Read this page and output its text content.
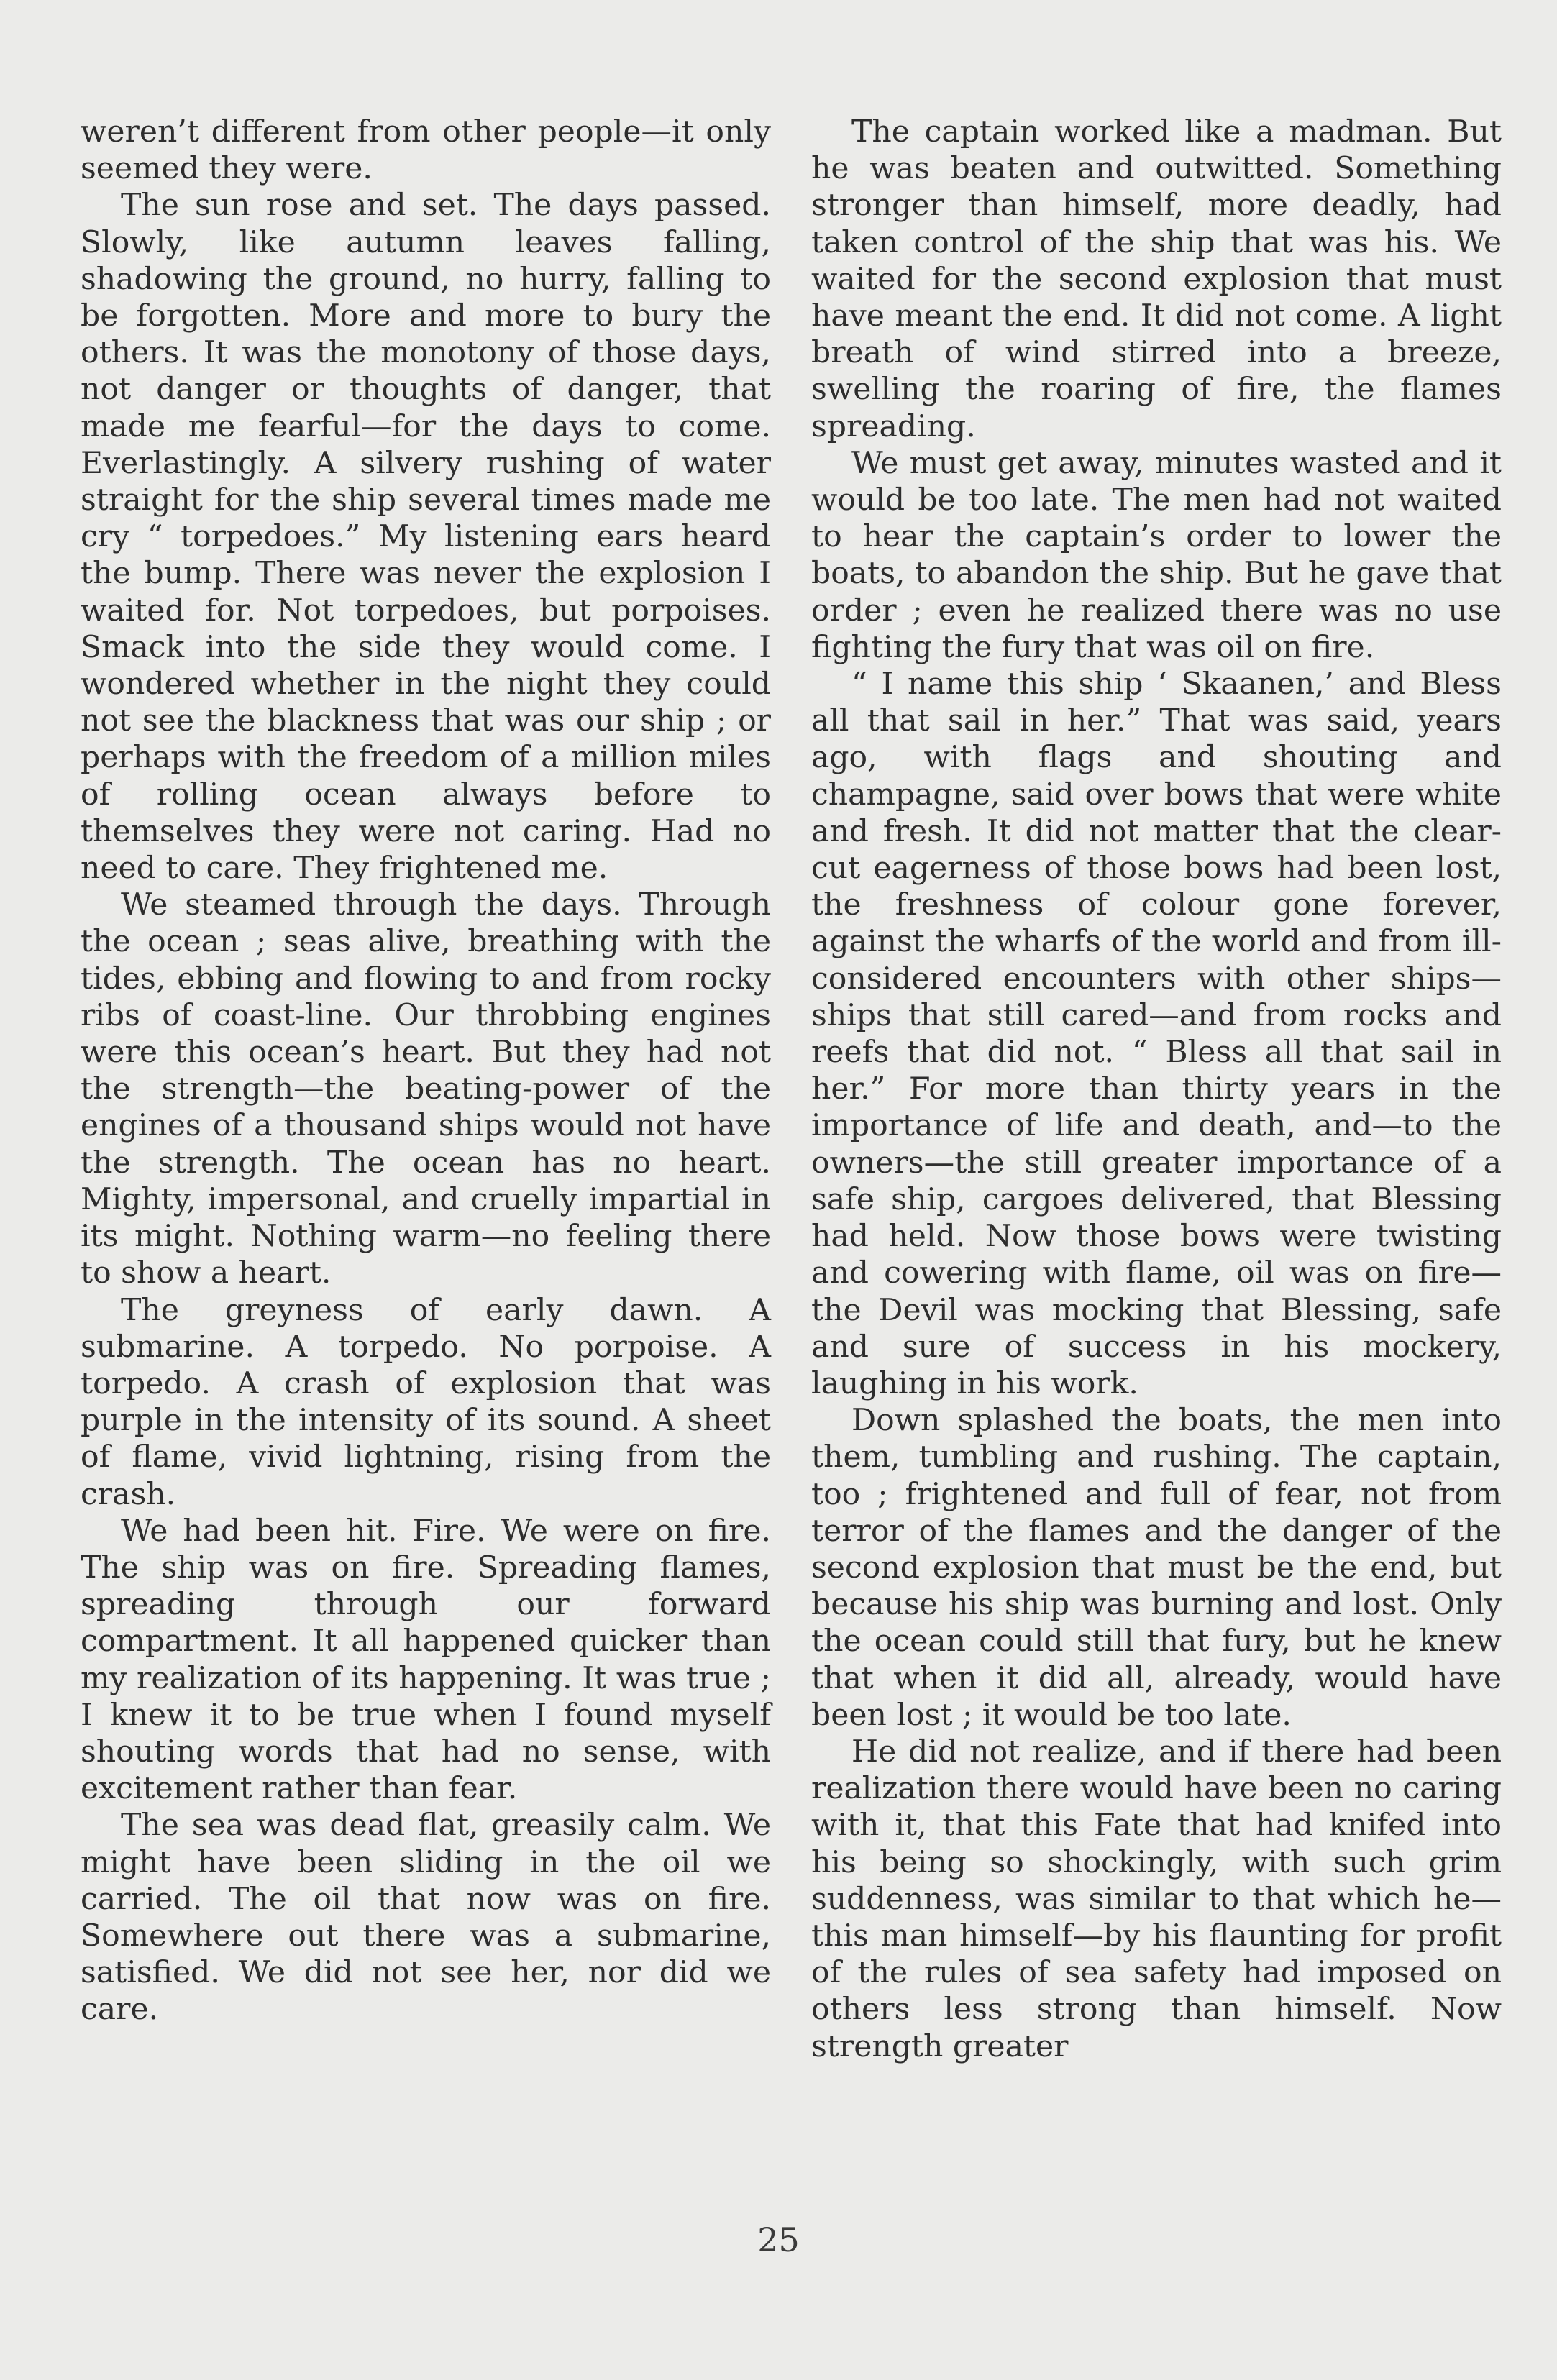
weren’t different from other people—it only seemed they were.

The sun rose and set. The days passed. Slowly, like autumn leaves falling, shadowing the ground, no hurry, falling to be forgotten. More and more to bury the others. It was the monotony of those days, not danger or thoughts of danger, that made me fearful—for the days to come. Everlastingly. A silvery rushing of water straight for the ship several times made me cry “ torpedoes.” My listening ears heard the bump. There was never the explosion I waited for. Not torpedoes, but porpoises. Smack into the side they would come. I wondered whether in the night they could not see the blackness that was our ship ; or perhaps with the freedom of a million miles of rolling ocean always before to themselves they were not caring. Had no need to care. They frightened me.

We steamed through the days. Through the ocean ; seas alive, breathing with the tides, ebbing and flowing to and from rocky ribs of coast-line. Our throbbing engines were this ocean’s heart. But they had not the strength—the beating-power of the engines of a thousand ships would not have the strength. The ocean has no heart. Mighty, impersonal, and cruelly impartial in its might. Nothing warm—no feeling there to show a heart.

The greyness of early dawn. A submarine. A torpedo. No porpoise. A torpedo. A crash of explosion that was purple in the intensity of its sound. A sheet of flame, vivid lightning, rising from the crash.

We had been hit. Fire. We were on fire. The ship was on fire. Spreading flames, spreading through our forward compartment. It all happened quicker than my realization of its happening. It was true ; I knew it to be true when I found myself shouting words that had no sense, with excitement rather than fear.

The sea was dead flat, greasily calm. We might have been sliding in the oil we carried. The oil that now was on fire. Somewhere out there was a submarine, satisfied. We did not see her, nor did we care.

The captain worked like a madman. But he was beaten and outwitted. Something stronger than himself, more deadly, had taken control of the ship that was his. We waited for the second explosion that must have meant the end. It did not come. A light breath of wind stirred into a breeze, swelling the roaring of fire, the flames spreading.

We must get away, minutes wasted and it would be too late. The men had not waited to hear the captain’s order to lower the boats, to abandon the ship. But he gave that order ; even he realized there was no use fighting the fury that was oil on fire.

“ I name this ship ‘ Skaanen,’ and Bless all that sail in her.” That was said, years ago, with flags and shouting and champagne, said over bows that were white and fresh. It did not matter that the clear-cut eagerness of those bows had been lost, the freshness of colour gone forever, against the wharfs of the world and from ill-considered encounters with other ships—ships that still cared—and from rocks and reefs that did not. “ Bless all that sail in her.” For more than thirty years in the importance of life and death, and—to the owners—the still greater importance of a safe ship, cargoes delivered, that Blessing had held. Now those bows were twisting and cowering with flame, oil was on fire—the Devil was mocking that Blessing, safe and sure of success in his mockery, laughing in his work.

Down splashed the boats, the men into them, tumbling and rushing. The captain, too ; frightened and full of fear, not from terror of the flames and the danger of the second explosion that must be the end, but because his ship was burning and lost. Only the ocean could still that fury, but he knew that when it did all, already, would have been lost ; it would be too late.

He did not realize, and if there had been realization there would have been no caring with it, that this Fate that had knifed into his being so shockingly, with such grim suddenness, was similar to that which he—this man himself—by his flaunting for profit of the rules of sea safety had imposed on others less strong than himself. Now strength greater

25
